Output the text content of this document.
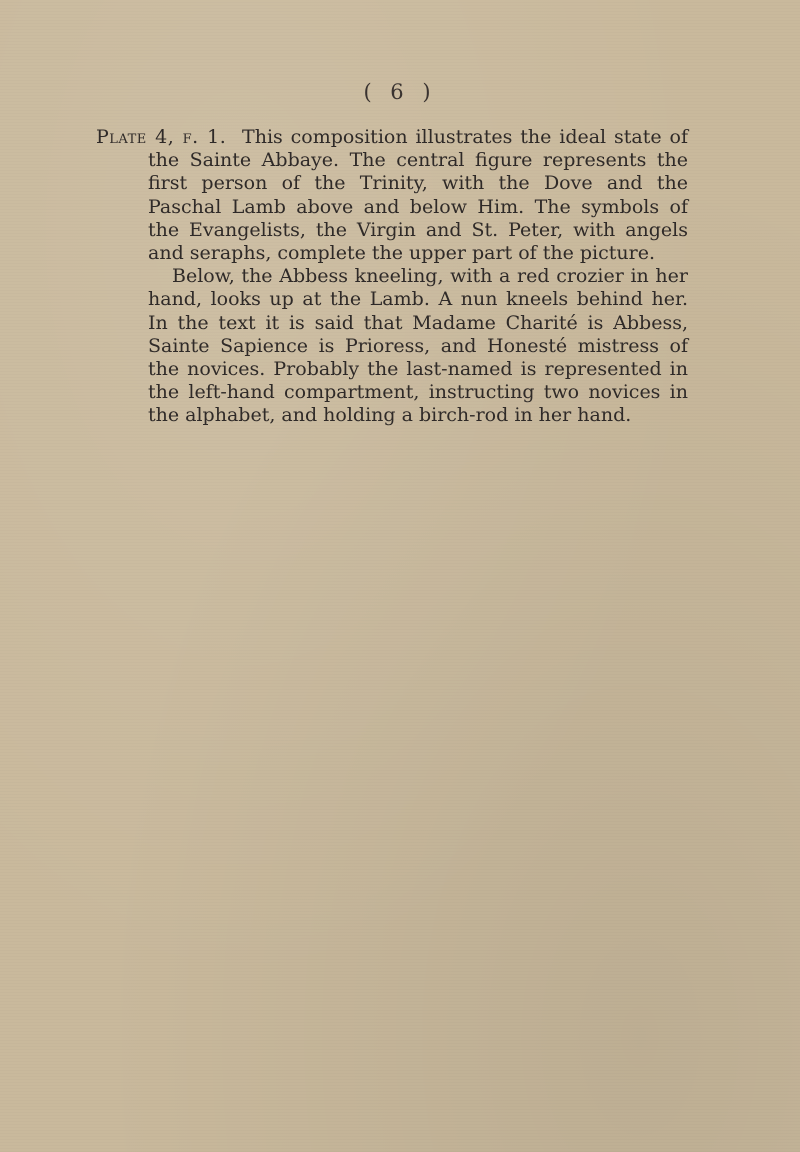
( 6 )

Plate 4, f. 1. This composition illustrates the ideal state of the Sainte Abbaye. The central figure represents the first person of the Trinity, with the Dove and the Paschal Lamb above and below Him. The symbols of the Evangelists, the Virgin and St. Peter, with angels and seraphs, complete the upper part of the picture.

Below, the Abbess kneeling, with a red crozier in her hand, looks up at the Lamb. A nun kneels behind her. In the text it is said that Madame Charité is Abbess, Sainte Sapience is Prioress, and Honesté mistress of the novices. Probably the last-named is represented in the left-hand compartment, instructing two novices in the alphabet, and holding a birch-rod in her hand.
